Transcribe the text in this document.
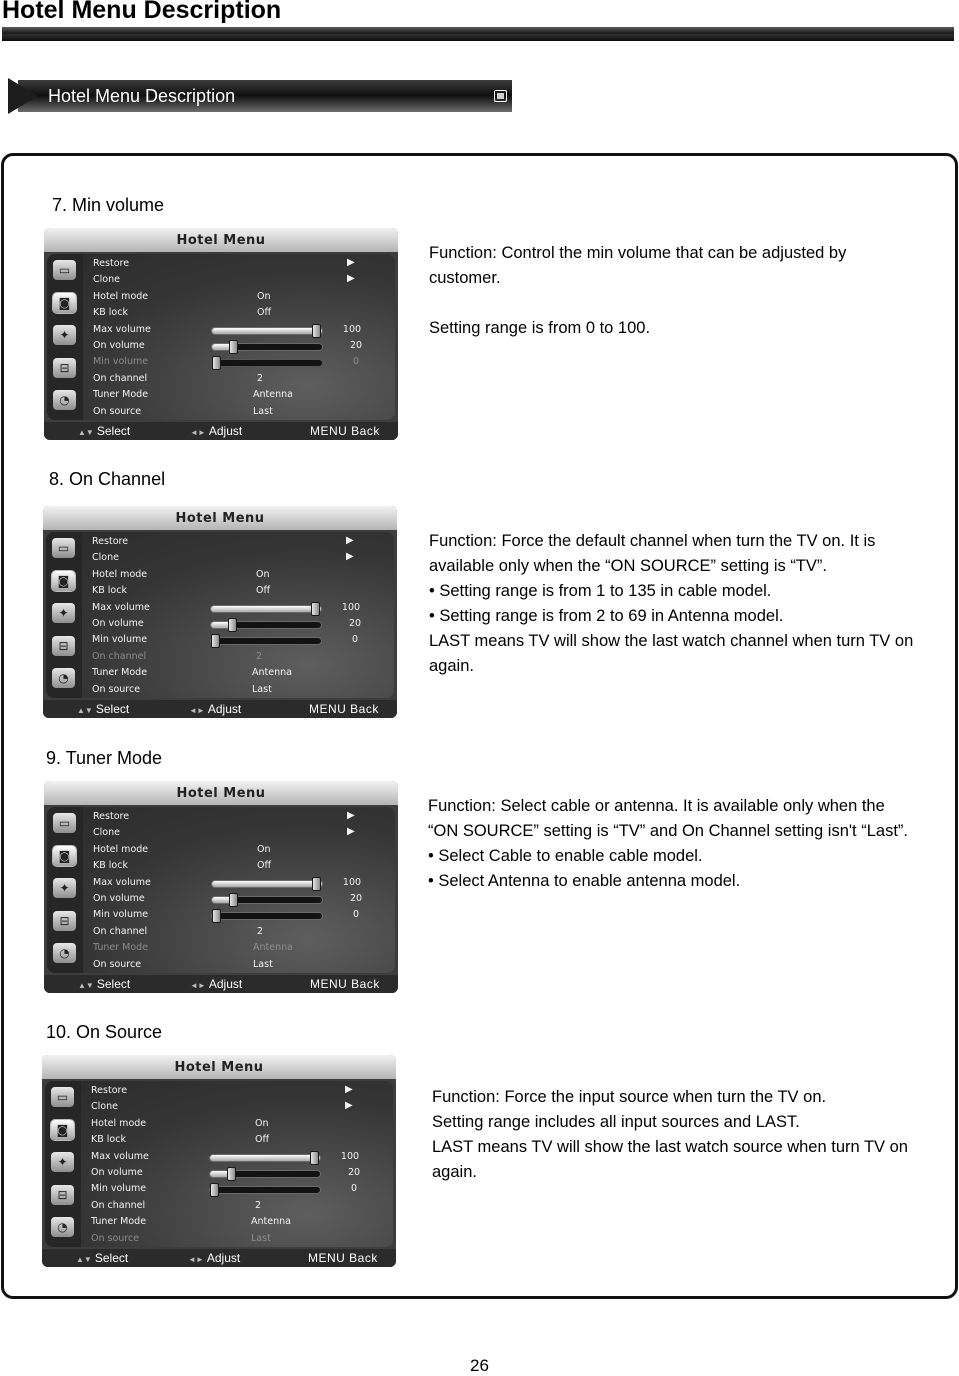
Hotel Menu Description
Hotel Menu Description
7. Min volume

Function: Control the min volume that can be adjusted by customer.

Setting range is from 0 to 100.

Hotel Menu
▭
◙
✦
⊟
◔
Restore	▶
Clone	▶
Hotel mode	On
KB lock	Off
Max volume	100
On volume	20
Min volume	0
On channel	2
Tuner Mode	Antenna
On source	Last
▲▼ Select	◄► Adjust	MENU Back
8. On Channel

Function: Force the default channel when turn the TV on. It is available only when the “ON SOURCE” setting is “TV”.

• Setting range is from 1 to 135 in cable model.

• Setting range is from 2 to 69 in Antenna model.

LAST means TV will show the last watch channel when turn TV on again.

Hotel Menu
▭
◙
✦
⊟
◔
Restore	▶
Clone	▶
Hotel mode	On
KB lock	Off
Max volume	100
On volume	20
Min volume	0
On channel	2
Tuner Mode	Antenna
On source	Last
▲▼ Select	◄► Adjust	MENU Back
9. Tuner Mode

Function: Select cable or antenna. It is available only when the “ON SOURCE” setting is “TV” and On Channel setting isn't “Last”.

• Select Cable to enable cable model.

• Select Antenna to enable antenna model.

Hotel Menu
▭
◙
✦
⊟
◔
Restore	▶
Clone	▶
Hotel mode	On
KB lock	Off
Max volume	100
On volume	20
Min volume	0
On channel	2
Tuner Mode	Antenna
On source	Last
▲▼ Select	◄► Adjust	MENU Back
10. On Source

Function: Force the input source when turn the TV on.

Setting range includes all input sources and LAST.

LAST means TV will show the last watch source when turn TV on again.

Hotel Menu
▭
◙
✦
⊟
◔
Restore	▶
Clone	▶
Hotel mode	On
KB lock	Off
Max volume	100
On volume	20
Min volume	0
On channel	2
Tuner Mode	Antenna
On source	Last
▲▼ Select	◄► Adjust	MENU Back
26
